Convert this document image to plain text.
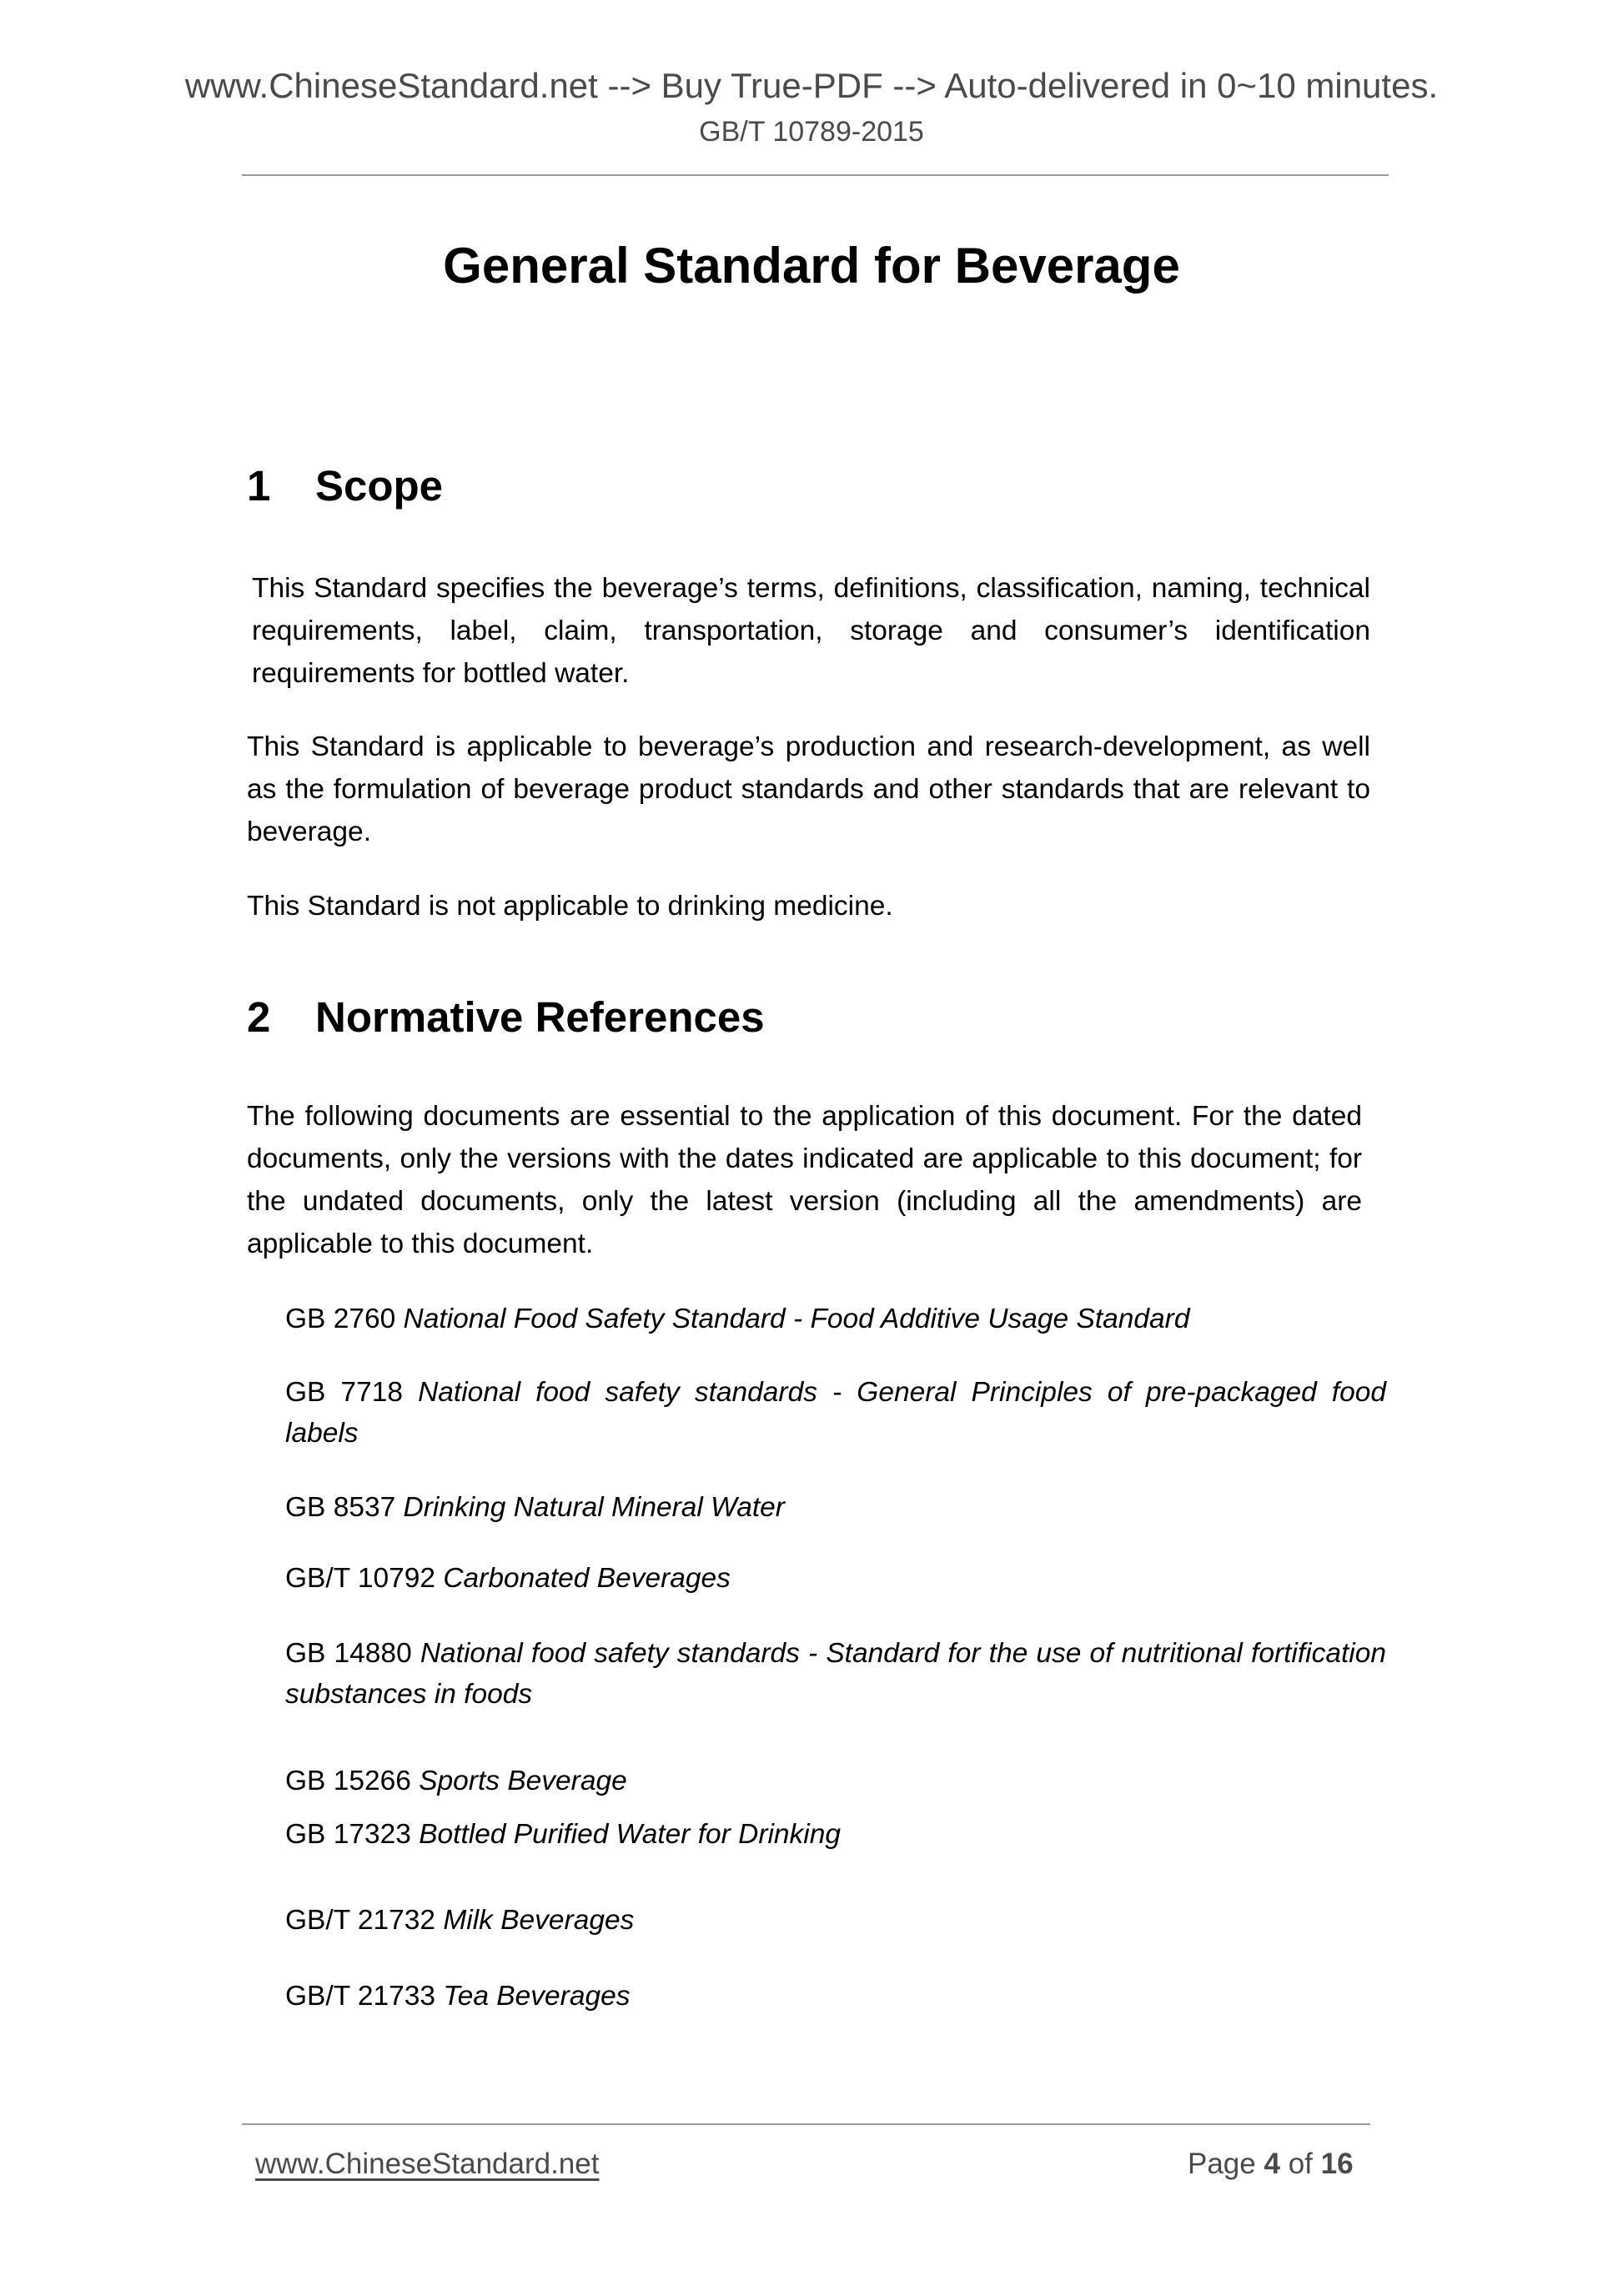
www.ChineseStandard.net --> Buy True-PDF --> Auto-delivered in 0~10 minutes.
GB/T 10789-2015
General Standard for Beverage
1 Scope
This Standard specifies the beverage’s terms, definitions, classification, naming, technical
requirements, label, claim, transportation, storage and consumer’s identification
requirements for bottled water.
This Standard is applicable to beverage’s production and research-development, as well
as the formulation of beverage product standards and other standards that are relevant to
beverage.
This Standard is not applicable to drinking medicine.
2 Normative References
The following documents are essential to the application of this document. For the dated
documents, only the versions with the dates indicated are applicable to this document; for
the undated documents, only the latest version (including all the amendments) are
applicable to this document.
GB 2760 National Food Safety Standard - Food Additive Usage Standard
GB 7718 National food safety standards - General Principles of pre-packaged food
labels
GB 8537 Drinking Natural Mineral Water
GB/T 10792 Carbonated Beverages
GB 14880 National food safety standards - Standard for the use of nutritional fortification
substances in foods
GB 15266 Sports Beverage
GB 17323 Bottled Purified Water for Drinking
GB/T 21732 Milk Beverages
GB/T 21733 Tea Beverages
www.ChineseStandard.net	Page 4 of 16
